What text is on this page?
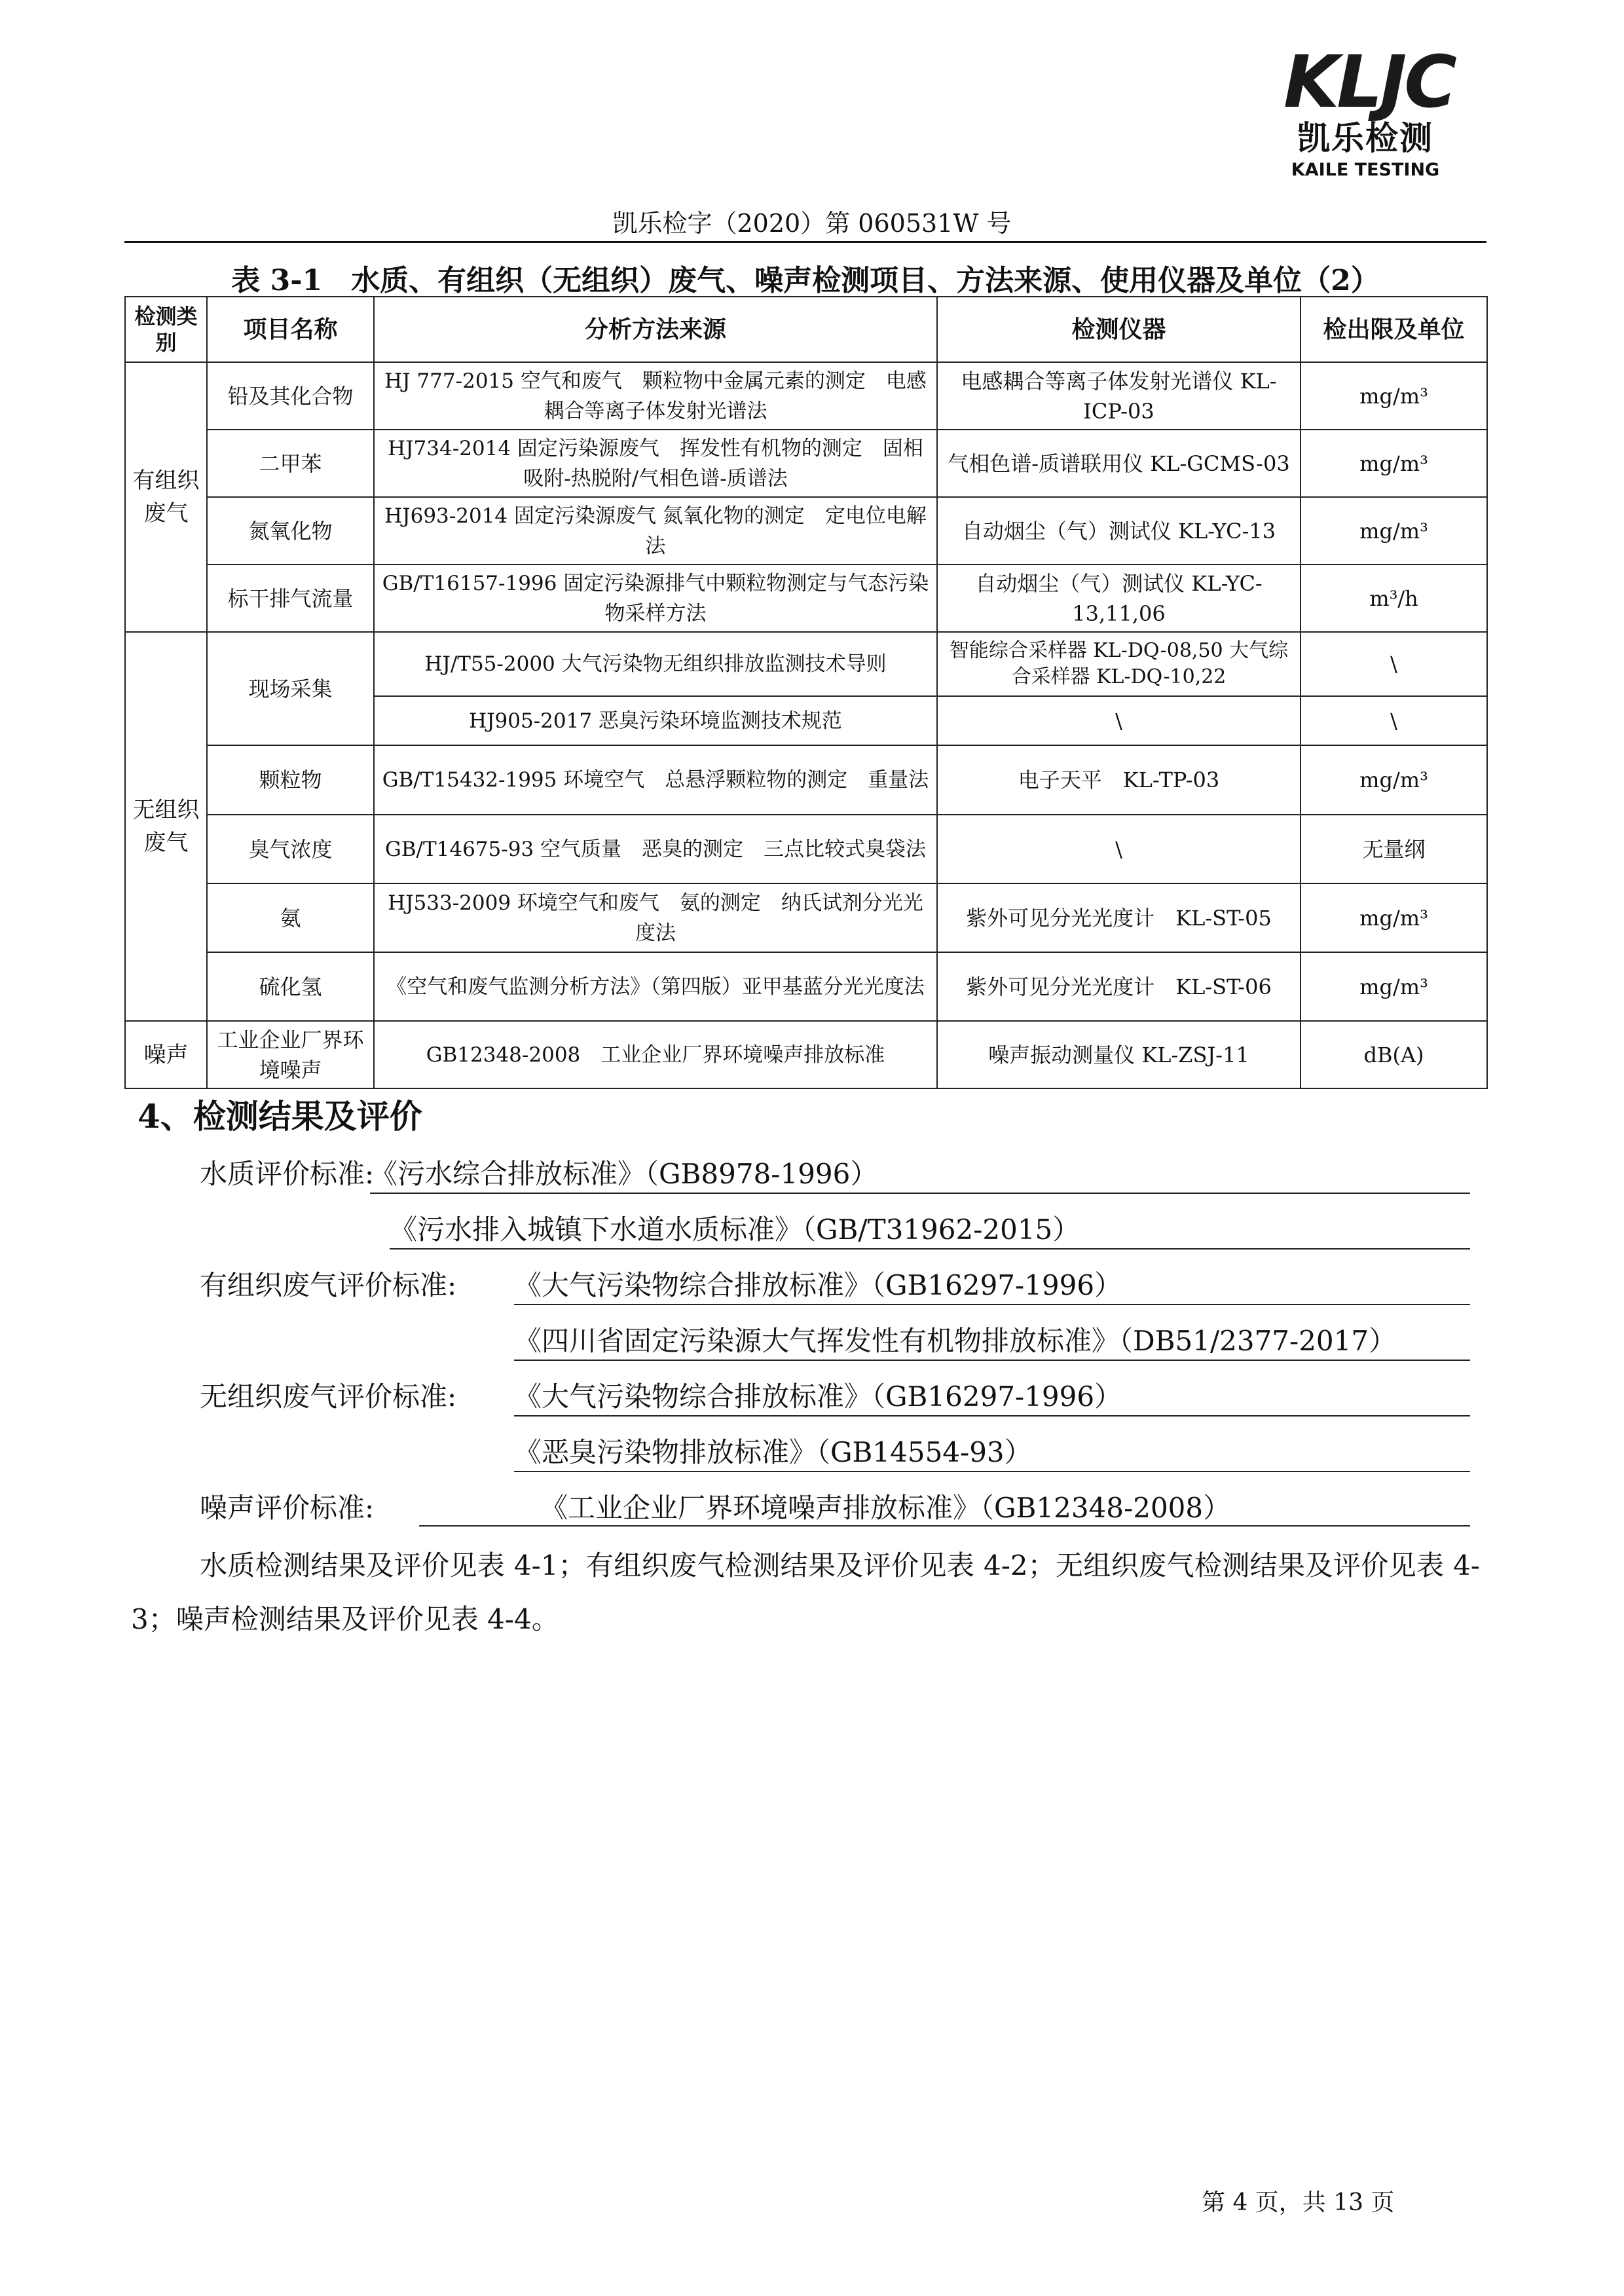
KLJC
凯乐检测
KAILE TESTING
凯乐检字（2020）第 060531W 号
表 3-1　水质、有组织（无组织）废气、噪声检测项目、方法来源、使用仪器及单位（2）
检测类别	项目名称	分析方法来源	检测仪器	检出限及单位
有组织废气	铅及其化合物	HJ 777-2015 空气和废气　颗粒物中金属元素的测定　电感耦合等离子体发射光谱法	电感耦合等离子体发射光谱仪 KL-ICP-03	mg/m³
	二甲苯	HJ734-2014 固定污染源废气　挥发性有机物的测定　固相吸附-热脱附/气相色谱-质谱法	气相色谱-质谱联用仪 KL-GCMS-03	mg/m³
	氮氧化物	HJ693-2014 固定污染源废气 氮氧化物的测定　定电位电解法	自动烟尘（气）测试仪 KL-YC-13	mg/m³
	标干排气流量	GB/T16157-1996 固定污染源排气中颗粒物测定与气态污染物采样方法	自动烟尘（气）测试仪 KL-YC-13,11,06	m³/h
无组织废气	现场采集	HJ/T55-2000 大气污染物无组织排放监测技术导则	智能综合采样器 KL-DQ-08,50 大气综合采样器 KL-DQ-10,22	\
		HJ905-2017 恶臭污染环境监测技术规范	\	\
	颗粒物	GB/T15432-1995 环境空气　总悬浮颗粒物的测定　重量法	电子天平　KL-TP-03	mg/m³
	臭气浓度	GB/T14675-93 空气质量　恶臭的测定　三点比较式臭袋法	\	无量纲
	氨	HJ533-2009 环境空气和废气　氨的测定　纳氏试剂分光光度法	紫外可见分光光度计　KL-ST-05	mg/m³
	硫化氢	《空气和废气监测分析方法》（第四版）亚甲基蓝分光光度法	紫外可见分光光度计　KL-ST-06	mg/m³
噪声	工业企业厂界环境噪声	GB12348-2008　工业企业厂界环境噪声排放标准	噪声振动测量仪 KL-ZSJ-11	dB(A)
4、检测结果及评价
水质评价标准:
《污水综合排放标准》（GB8978-1996）
《污水排入城镇下水道水质标准》（GB/T31962-2015）
有组织废气评价标准: 《大气污染物综合排放标准》（GB16297-1996）
《四川省固定污染源大气挥发性有机物排放标准》（DB51/2377-2017）
无组织废气评价标准: 《大气污染物综合排放标准》（GB16297-1996）
《恶臭污染物排放标准》（GB14554-93）
噪声评价标准:	《工业企业厂界环境噪声排放标准》（GB12348-2008）
水质检测结果及评价见表 4-1；有组织废气检测结果及评价见表 4-2；无组织废气检测结果及评价见表 4-3；噪声检测结果及评价见表 4-4。
第 4 页，共 13 页
